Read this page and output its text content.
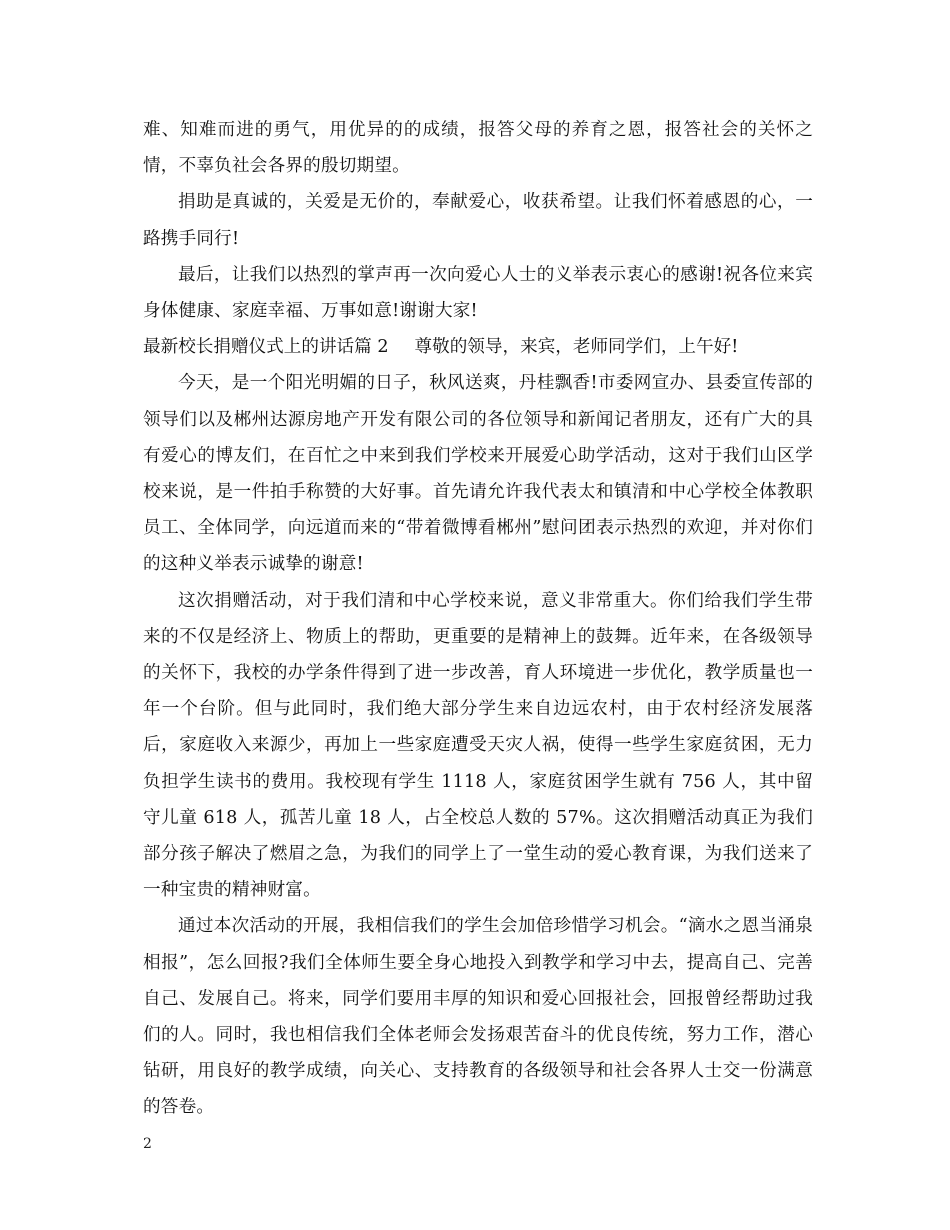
难、知难而进的勇气，用优异的的成绩，报答父母的养育之恩，报答社会的关怀之情，不辜负社会各界的殷切期望。

捐助是真诚的，关爱是无价的，奉献爱心，收获希望。让我们怀着感恩的心，一路携手同行!

最后，让我们以热烈的掌声再一次向爱心人士的义举表示衷心的感谢!祝各位来宾身体健康、家庭幸福、万事如意!谢谢大家!

最新校长捐赠仪式上的讲话篇 2 尊敬的领导，来宾，老师同学们，上午好!

今天，是一个阳光明媚的日子，秋风送爽，丹桂飘香!市委网宣办、县委宣传部的领导们以及郴州达源房地产开发有限公司的各位领导和新闻记者朋友，还有广大的具有爱心的博友们，在百忙之中来到我们学校来开展爱心助学活动，这对于我们山区学校来说，是一件拍手称赞的大好事。首先请允许我代表太和镇清和中心学校全体教职员工、全体同学，向远道而来的“带着微博看郴州”慰问团表示热烈的欢迎，并对你们的这种义举表示诚挚的谢意!

这次捐赠活动，对于我们清和中心学校来说，意义非常重大。你们给我们学生带来的不仅是经济上、物质上的帮助，更重要的是精神上的鼓舞。近年来，在各级领导的关怀下，我校的办学条件得到了进一步改善，育人环境进一步优化，教学质量也一年一个台阶。但与此同时，我们绝大部分学生来自边远农村，由于农村经济发展落后，家庭收入来源少，再加上一些家庭遭受天灾人祸，使得一些学生家庭贫困，无力负担学生读书的费用。我校现有学生 1118 人，家庭贫困学生就有 756 人，其中留守儿童 618 人，孤苦儿童 18 人，占全校总人数的 57%。这次捐赠活动真正为我们部分孩子解决了燃眉之急，为我们的同学上了一堂生动的爱心教育课，为我们送来了一种宝贵的精神财富。

通过本次活动的开展，我相信我们的学生会加倍珍惜学习机会。“滴水之恩当涌泉相报”，怎么回报?我们全体师生要全身心地投入到教学和学习中去，提高自己、完善自己、发展自己。将来，同学们要用丰厚的知识和爱心回报社会，回报曾经帮助过我们的人。同时，我也相信我们全体老师会发扬艰苦奋斗的优良传统，努力工作，潜心钻研，用良好的教学成绩，向关心、支持教育的各级领导和社会各界人士交一份满意的答卷。

2
